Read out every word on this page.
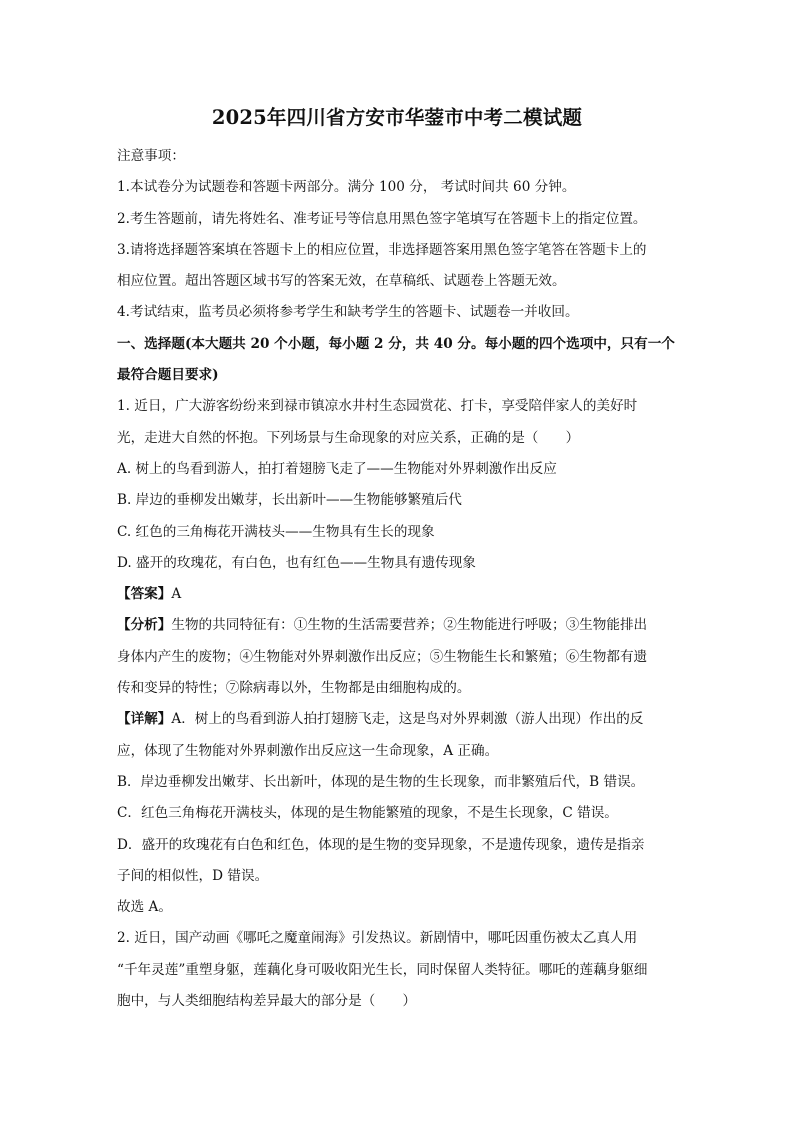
2025年四川省方安市华蓥市中考二模试题
注意事项：
1.本试卷分为试题卷和答题卡两部分。满分 100 分， 考试时间共 60 分钟。
2.考生答题前，请先将姓名、准考证号等信息用黑色签字笔填写在答题卡上的指定位置。
3.请将选择题答案填在答题卡上的相应位置，非选择题答案用黑色签字笔答在答题卡上的
相应位置。超出答题区域书写的答案无效，在草稿纸、试题卷上答题无效。
4.考试结束，监考员必须将参考学生和缺考学生的答题卡、试题卷一并收回。
一、选择题(本大题共 20 个小题，每小题 2 分，共 40 分。每小题的四个选项中，只有一个
最符合题目要求)
1. 近日，广大游客纷纷来到禄市镇凉水井村生态园赏花、打卡，享受陪伴家人的美好时
光，走进大自然的怀抱。下列场景与生命现象的对应关系，正确的是（　　）
A. 树上的鸟看到游人，拍打着翅膀飞走了——生物能对外界刺激作出反应
B. 岸边的垂柳发出嫩芽，长出新叶——生物能够繁殖后代
C. 红色的三角梅花开满枝头——生物具有生长的现象
D. 盛开的玫瑰花，有白色，也有红色——生物具有遗传现象
【答案】A
【分析】生物的共同特征有：①生物的生活需要营养；②生物能进行呼吸；③生物能排出
身体内产生的废物；④生物能对外界刺激作出反应；⑤生物能生长和繁殖；⑥生物都有遗
传和变异的特性；⑦除病毒以外，生物都是由细胞构成的。
【详解】A．树上的鸟看到游人拍打翅膀飞走，这是鸟对外界刺激（游人出现）作出的反
应，体现了生物能对外界刺激作出反应这一生命现象，A 正确。
B．岸边垂柳发出嫩芽、长出新叶，体现的是生物的生长现象，而非繁殖后代，B 错误。
C．红色三角梅花开满枝头，体现的是生物能繁殖的现象，不是生长现象，C 错误。
D．盛开的玫瑰花有白色和红色，体现的是生物的变异现象，不是遗传现象，遗传是指亲
子间的相似性，D 错误。
故选 A。
2. 近日，国产动画《哪吒之魔童闹海》引发热议。新剧情中，哪吒因重伤被太乙真人用
“千年灵莲”重塑身躯，莲藕化身可吸收阳光生长，同时保留人类特征。哪吒的莲藕身躯细
胞中，与人类细胞结构差异最大的部分是（　　）
